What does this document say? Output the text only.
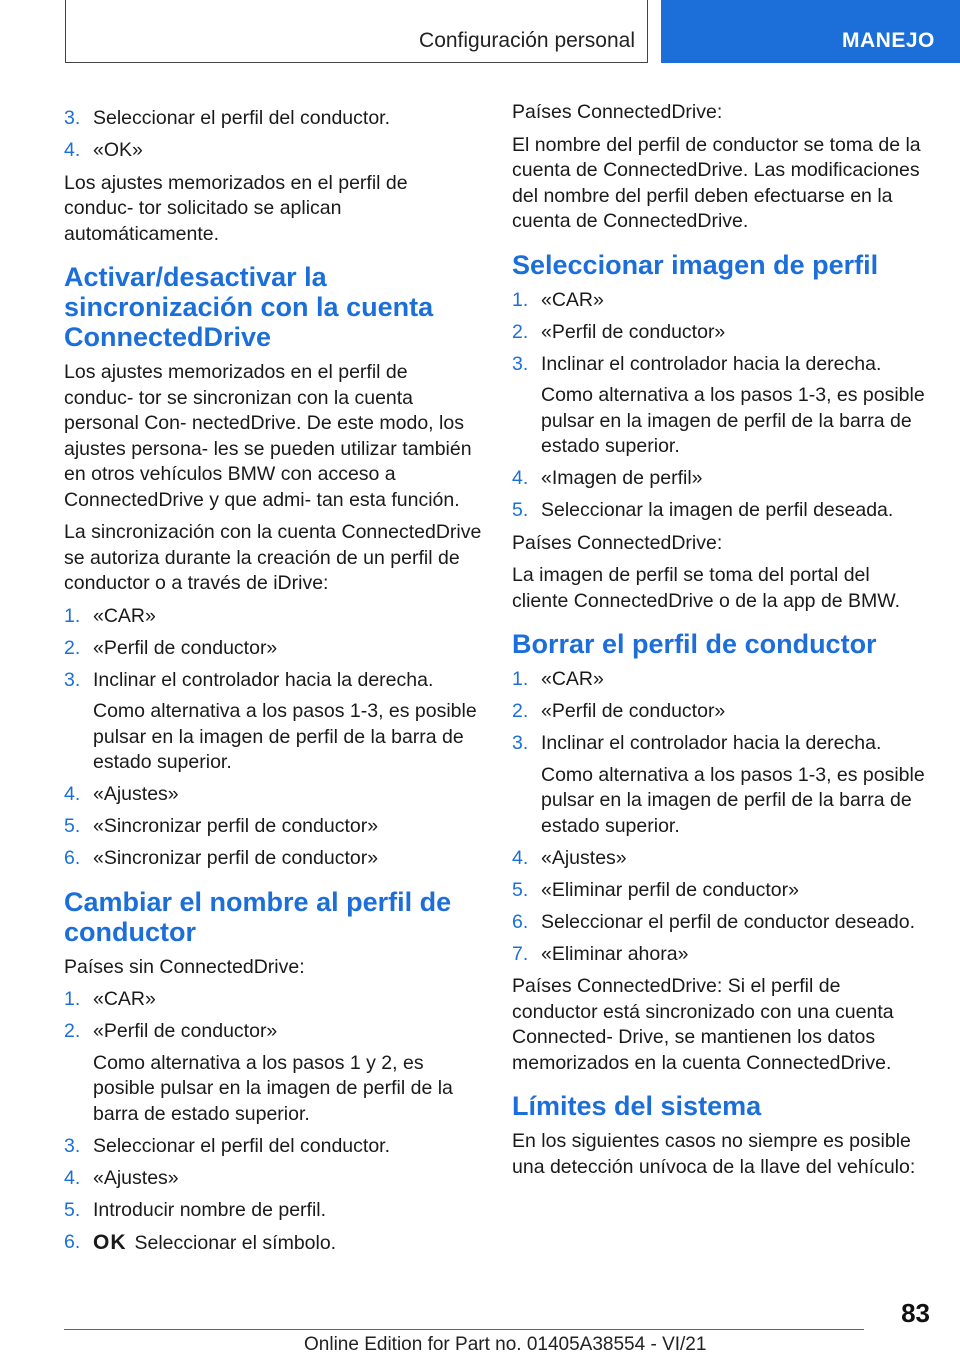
Configuración personal	MANEJO
3. Seleccionar el perfil del conductor.
4. «OK»

Los ajustes memorizados en el perfil de conduc‐ tor solicitado se aplican automáticamente.

Activar/desactivar la sincronización con la cuenta ConnectedDrive

Los ajustes memorizados en el perfil de conduc‐ tor se sincronizan con la cuenta personal Con‐ nectedDrive. De este modo, los ajustes persona‐ les se pueden utilizar también en otros vehículos BMW con acceso a ConnectedDrive y que admi‐ tan esta función.

La sincronización con la cuenta ConnectedDrive se autoriza durante la creación de un perfil de conductor o a través de iDrive:

1. «CAR»
2. «Perfil de conductor»
3. Inclinar el controlador hacia la derecha.
Como alternativa a los pasos 1‑3, es posible pulsar en la imagen de perfil de la barra de estado superior.
4. «Ajustes»
5. «Sincronizar perfil de conductor»
6. «Sincronizar perfil de conductor»
Cambiar el nombre al perfil de conductor

Países sin ConnectedDrive:

1. «CAR»
2. «Perfil de conductor»
Como alternativa a los pasos 1 y 2, es posible pulsar en la imagen de perfil de la barra de estado superior.
3. Seleccionar el perfil del conductor.
4. «Ajustes»
5. Introducir nombre de perfil.
6. OK Seleccionar el símbolo.

Países ConnectedDrive:

El nombre del perfil de conductor se toma de la cuenta de ConnectedDrive. Las modificaciones del nombre del perfil deben efectuarse en la cuenta de ConnectedDrive.

Seleccionar imagen de perfil
1. «CAR»
2. «Perfil de conductor»
3. Inclinar el controlador hacia la derecha.
Como alternativa a los pasos 1‑3, es posible pulsar en la imagen de perfil de la barra de estado superior.
4. «Imagen de perfil»
5. Seleccionar la imagen de perfil deseada.

Países ConnectedDrive:

La imagen de perfil se toma del portal del cliente ConnectedDrive o de la app de BMW.

Borrar el perfil de conductor
1. «CAR»
2. «Perfil de conductor»
3. Inclinar el controlador hacia la derecha.
Como alternativa a los pasos 1‑3, es posible pulsar en la imagen de perfil de la barra de estado superior.
4. «Ajustes»
5. «Eliminar perfil de conductor»
6. Seleccionar el perfil de conductor deseado.
7. «Eliminar ahora»

Países ConnectedDrive: Si el perfil de conductor está sincronizado con una cuenta Connected‐ Drive, se mantienen los datos memorizados en la cuenta ConnectedDrive.

Límites del sistema

En los siguientes casos no siempre es posible una detección unívoca de la llave del vehículo:

83
Online Edition for Part no. 01405A38554 - VI/21
